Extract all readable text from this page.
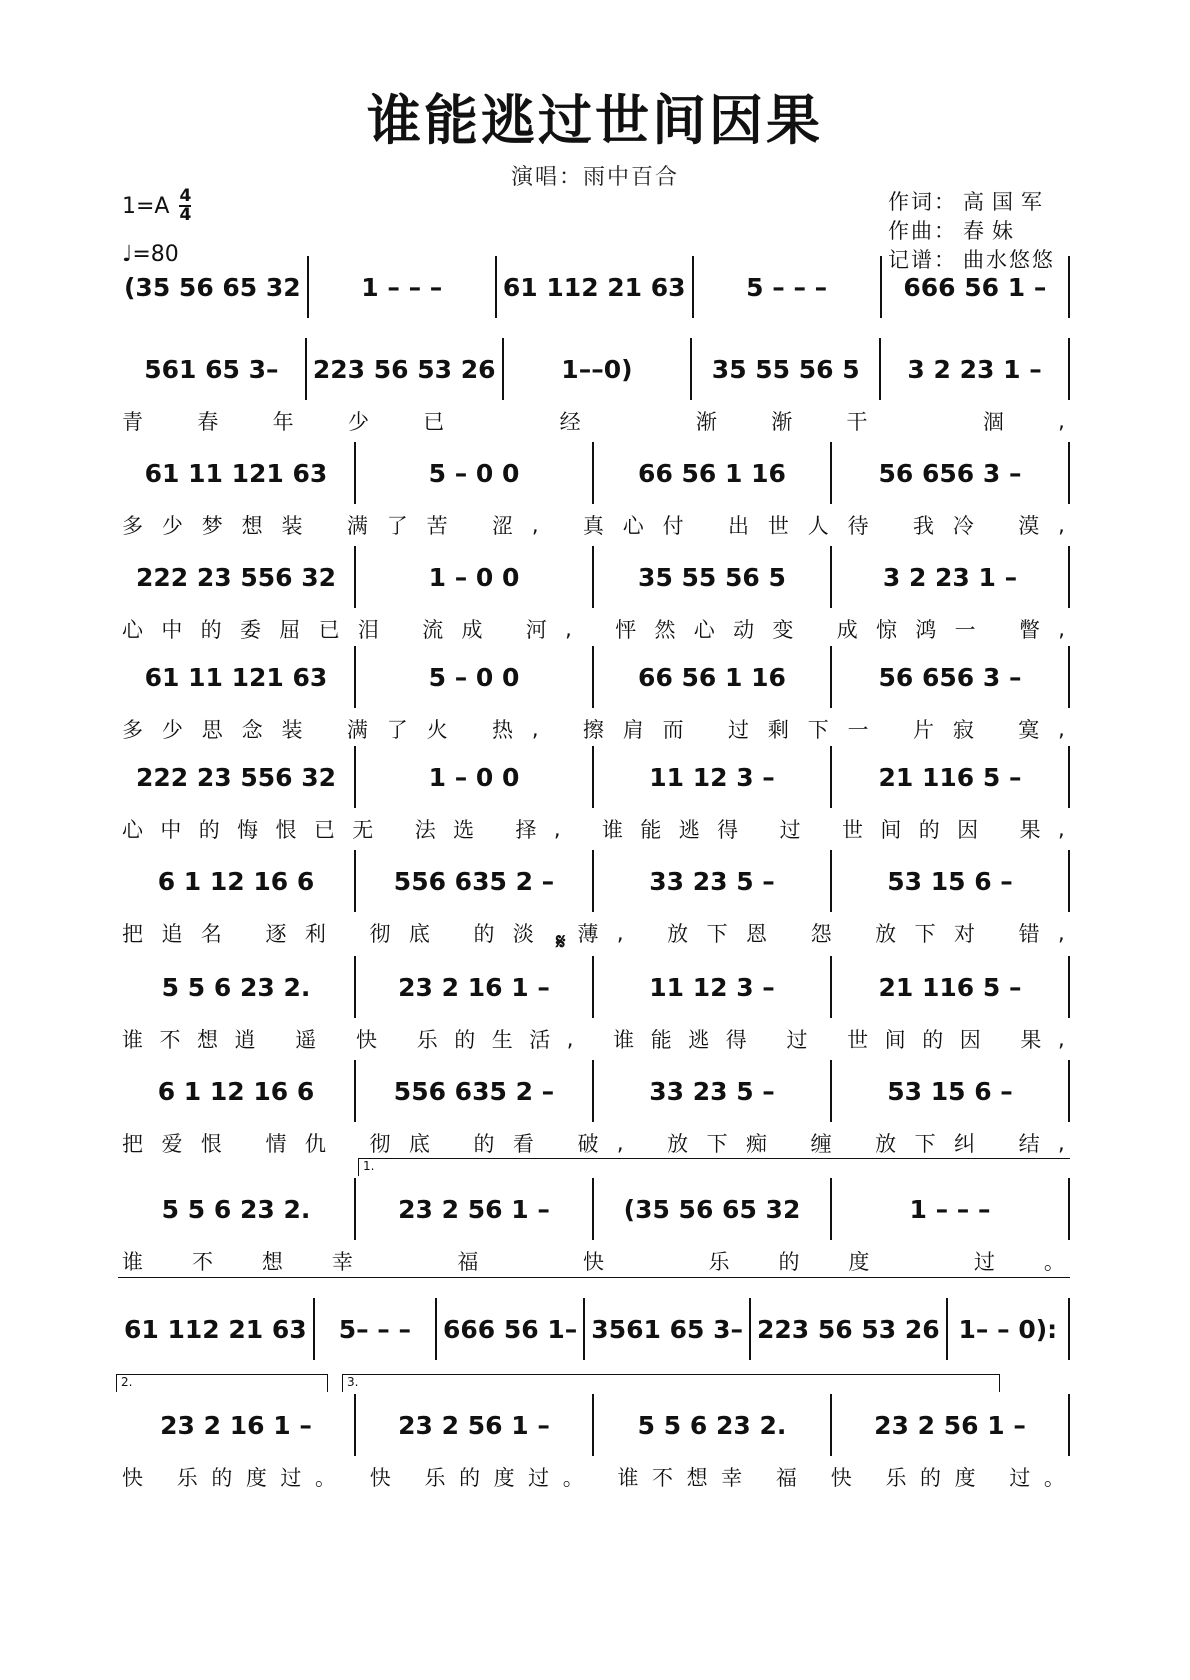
谁能逃过世间因果
演唱：雨中百合
1=A 4
4
♩=80
作词： 高国军
作曲： 春妹
记谱： 曲水悠悠
(35 56 65 32	1 – – –	61 112 21 63	5 – – –	666 56 1 –
561 65 3–	223 56 53 26	1––0)	35 55 56 5	3 2 23 1 –
青	春	年	少	已
	经
	渐	渐	干
	涸	,
61 11 121 63	5 – 0 0	66 56 1 16	56 656 3 –
多 少 梦 想 装
满 了 苦
涩 ,
真 心 付
出 世 人 待
我 冷
漠 ,
222 23 556 32	1 – 0 0	35 55 56 5	3 2 23 1 –
心 中 的 委 屈 已 泪
流 成
河 ,
怦 然 心 动 变
成 惊 鸿 一
瞥 ,
61 11 121 63	5 – 0 0	66 56 1 16	56 656 3 –
多 少 思 念 装
满 了 火
热 ,
擦 肩 而
过 剩 下 一
片 寂
寞 ,
222 23 556 32	1 – 0 0	11 12 3 –	21 116 5 –
心 中 的 悔 恨 已 无
法 选
择 ,
谁 能 逃 得
过
世 间 的 因
果 ,
6 1 12 16 6	556 635 2 –	33 23 5 –	53 15 6 –
把 追 名
逐 利
彻 底
的 淡
薄 ,
放 下 恩
怨
放 下 对
错 ,
5 5 6 23 2.	23 2 16 1 –	11 12 3 –	21 116 5 –
谁 不 想 逍
遥
快
乐 的 生 活 ,
谁 能 逃 得
过
世 间 的 因
果 ,
6 1 12 16 6	556 635 2 –	33 23 5 –	53 15 6 –
把 爱 恨
情 仇
彻 底
的 看
破 ,
放 下 痴
缠
放 下 纠
结 ,
5 5 6 23 2.	23 2 56 1 –	(35 56 65 32	1 – – –
谁 不 想 幸
	福
	快
	乐 的 度
	过 。
61 112 21 63	5– – –	666 56 1– 3561 65 3– 223 56 53 26 1– – 0):
23 2 16 1 –	23 2 56 1 –	5 5 6 23 2.	23 2 56 1 –
快
乐 的 度 过 。
快
乐 的 度 过 。
谁 不 想 幸
福
快
乐 的 度
过 。
𝄋
1.
2.	3.
